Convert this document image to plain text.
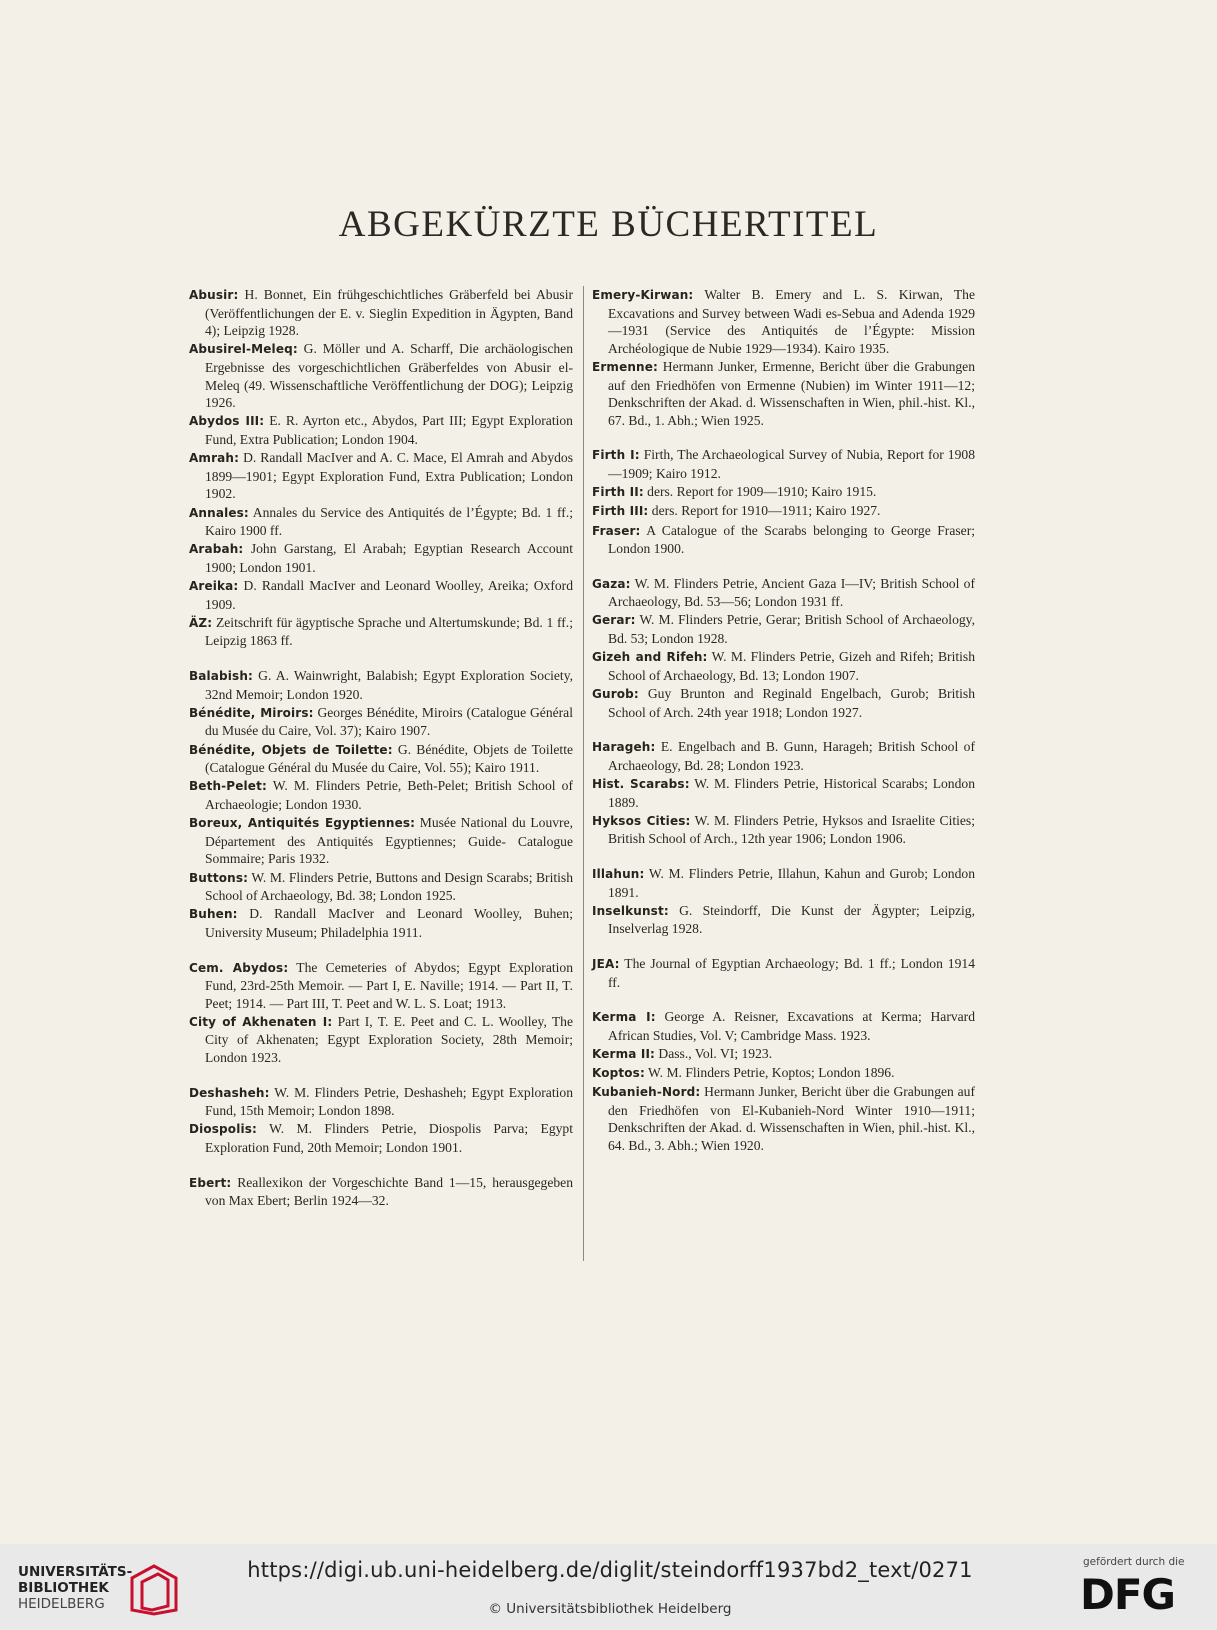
ABGEKÜRZTE BÜCHERTITEL

Abusir: H. Bonnet, Ein frühgeschichtliches Gräberfeld bei Abusir (Veröffentlichungen der E. v. Sieglin Expedition in Ägypten, Band 4); Leipzig 1928.

Abusirel-Meleq: G. Möller und A. Scharff, Die archäologischen Ergebnisse des vorgeschichtlichen Gräberfeldes von Abusir el-Meleq (49. Wissenschaftliche Veröffentlichung der DOG); Leipzig 1926.

Abydos III: E. R. Ayrton etc., Abydos, Part III; Egypt Exploration Fund, Extra Publication; London 1904.

Amrah: D. Randall MacIver and A. C. Mace, El Amrah and Abydos 1899—1901; Egypt Exploration Fund, Extra Publication; London 1902.

Annales: Annales du Service des Antiquités de l’Égypte; Bd. 1 ff.; Kairo 1900 ff.

Arabah: John Garstang, El Arabah; Egyptian Research Account 1900; London 1901.

Areika: D. Randall MacIver and Leonard Woolley, Areika; Oxford 1909.

ÄZ: Zeitschrift für ägyptische Sprache und Altertumskunde; Bd. 1 ff.; Leipzig 1863 ff.

Balabish: G. A. Wainwright, Balabish; Egypt Exploration Society, 32nd Memoir; London 1920.

Bénédite, Miroirs: Georges Bénédite, Miroirs (Catalogue Général du Musée du Caire, Vol. 37); Kairo 1907.

Bénédite, Objets de Toilette: G. Bénédite, Objets de Toilette (Catalogue Général du Musée du Caire, Vol. 55); Kairo 1911.

Beth-Pelet: W. M. Flinders Petrie, Beth-Pelet; British School of Archaeologie; London 1930.

Boreux, Antiquités Egyptiennes: Musée National du Louvre, Département des Antiquités Egyptiennes; Guide- Catalogue Sommaire; Paris 1932.

Buttons: W. M. Flinders Petrie, Buttons and Design Scarabs; British School of Archaeology, Bd. 38; London 1925.

Buhen: D. Randall MacIver and Leonard Woolley, Buhen; University Museum; Philadelphia 1911.

Cem. Abydos: The Cemeteries of Abydos; Egypt Exploration Fund, 23rd-25th Memoir. — Part I, E. Naville; 1914. — Part II, T. Peet; 1914. — Part III, T. Peet and W. L. S. Loat; 1913.

City of Akhenaten I: Part I, T. E. Peet and C. L. Woolley, The City of Akhenaten; Egypt Exploration Society, 28th Memoir; London 1923.

Deshasheh: W. M. Flinders Petrie, Deshasheh; Egypt Exploration Fund, 15th Memoir; London 1898.

Diospolis: W. M. Flinders Petrie, Diospolis Parva; Egypt Exploration Fund, 20th Memoir; London 1901.

Ebert: Reallexikon der Vorgeschichte Band 1—15, herausgegeben von Max Ebert; Berlin 1924—32.

Emery-Kirwan: Walter B. Emery and L. S. Kirwan, The Excavations and Survey between Wadi es-Sebua and Adenda 1929—1931 (Service des Antiquités de l’Égypte: Mission Archéologique de Nubie 1929—1934). Kairo 1935.

Ermenne: Hermann Junker, Ermenne, Bericht über die Grabungen auf den Friedhöfen von Ermenne (Nubien) im Winter 1911—12; Denkschriften der Akad. d. Wissenschaften in Wien, phil.-hist. Kl., 67. Bd., 1. Abh.; Wien 1925.

Firth I: Firth, The Archaeological Survey of Nubia, Report for 1908—1909; Kairo 1912.

Firth II: ders. Report for 1909—1910; Kairo 1915.

Firth III: ders. Report for 1910—1911; Kairo 1927.

Fraser: A Catalogue of the Scarabs belonging to George Fraser; London 1900.

Gaza: W. M. Flinders Petrie, Ancient Gaza I—IV; British School of Archaeology, Bd. 53—56; London 1931 ff.

Gerar: W. M. Flinders Petrie, Gerar; British School of Archaeology, Bd. 53; London 1928.

Gizeh and Rifeh: W. M. Flinders Petrie, Gizeh and Rifeh; British School of Archaeology, Bd. 13; London 1907.

Gurob: Guy Brunton and Reginald Engelbach, Gurob; British School of Arch. 24th year 1918; London 1927.

Harageh: E. Engelbach and B. Gunn, Harageh; British School of Archaeology, Bd. 28; London 1923.

Hist. Scarabs: W. M. Flinders Petrie, Historical Scarabs; London 1889.

Hyksos Cities: W. M. Flinders Petrie, Hyksos and Israelite Cities; British School of Arch., 12th year 1906; London 1906.

Illahun: W. M. Flinders Petrie, Illahun, Kahun and Gurob; London 1891.

Inselkunst: G. Steindorff, Die Kunst der Ägypter; Leipzig, Inselverlag 1928.

JEA: The Journal of Egyptian Archaeology; Bd. 1 ff.; London 1914 ff.

Kerma I: George A. Reisner, Excavations at Kerma; Harvard African Studies, Vol. V; Cambridge Mass. 1923.

Kerma II: Dass., Vol. VI; 1923.

Koptos: W. M. Flinders Petrie, Koptos; London 1896.

Kubanieh-Nord: Hermann Junker, Bericht über die Grabungen auf den Friedhöfen von El-Kubanieh-Nord Winter 1910—1911; Denkschriften der Akad. d. Wissenschaften in Wien, phil.-hist. Kl., 64. Bd., 3. Abh.; Wien 1920.

UNIVERSITÄTS-
BIBLIOTHEK
HEIDELBERG
https://digi.ub.uni-heidelberg.de/diglit/steindorff1937bd2_text/0271
© Universitätsbibliothek Heidelberg
gefördert durch die
DFG
